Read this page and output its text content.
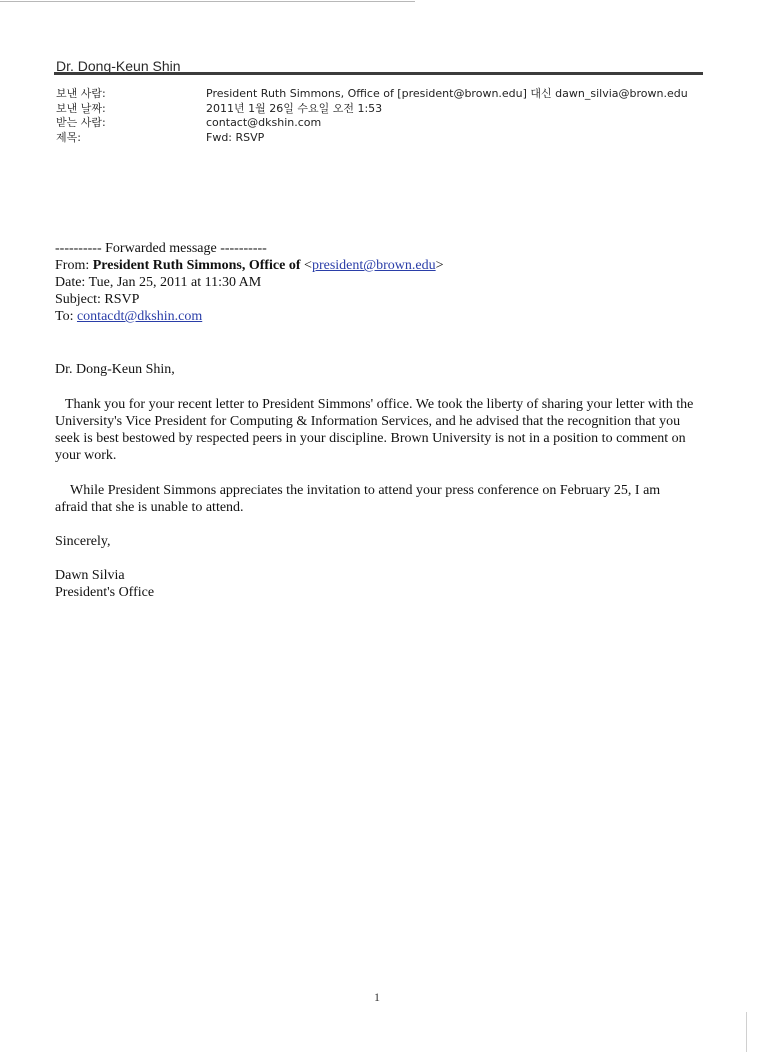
Dr. Dong-Keun Shin
보낸 사람:	President Ruth Simmons, Office of [president@brown.edu] 대신 dawn_silvia@brown.edu
보낸 날짜:	2011년 1월 26일 수요일 오전 1:53
받는 사람:	contact@dkshin.com
제목:	Fwd: RSVP
---------- Forwarded message ----------
From: President Ruth Simmons, Office of <president@brown.edu>
Date: Tue, Jan 25, 2011 at 11:30 AM
Subject: RSVP
To: contacdt@dkshin.com
Dr. Dong-Keun Shin,
Thank you for your recent letter to President Simmons' office. We took the liberty of sharing your letter with the University's Vice President for Computing & Information Services, and he advised that the recognition that you seek is best bestowed by respected peers in your discipline. Brown University is not in a position to comment on your work.
While President Simmons appreciates the invitation to attend your press conference on February 25, I am afraid that she is unable to attend.
Sincerely,
Dawn Silvia
President's Office
1
